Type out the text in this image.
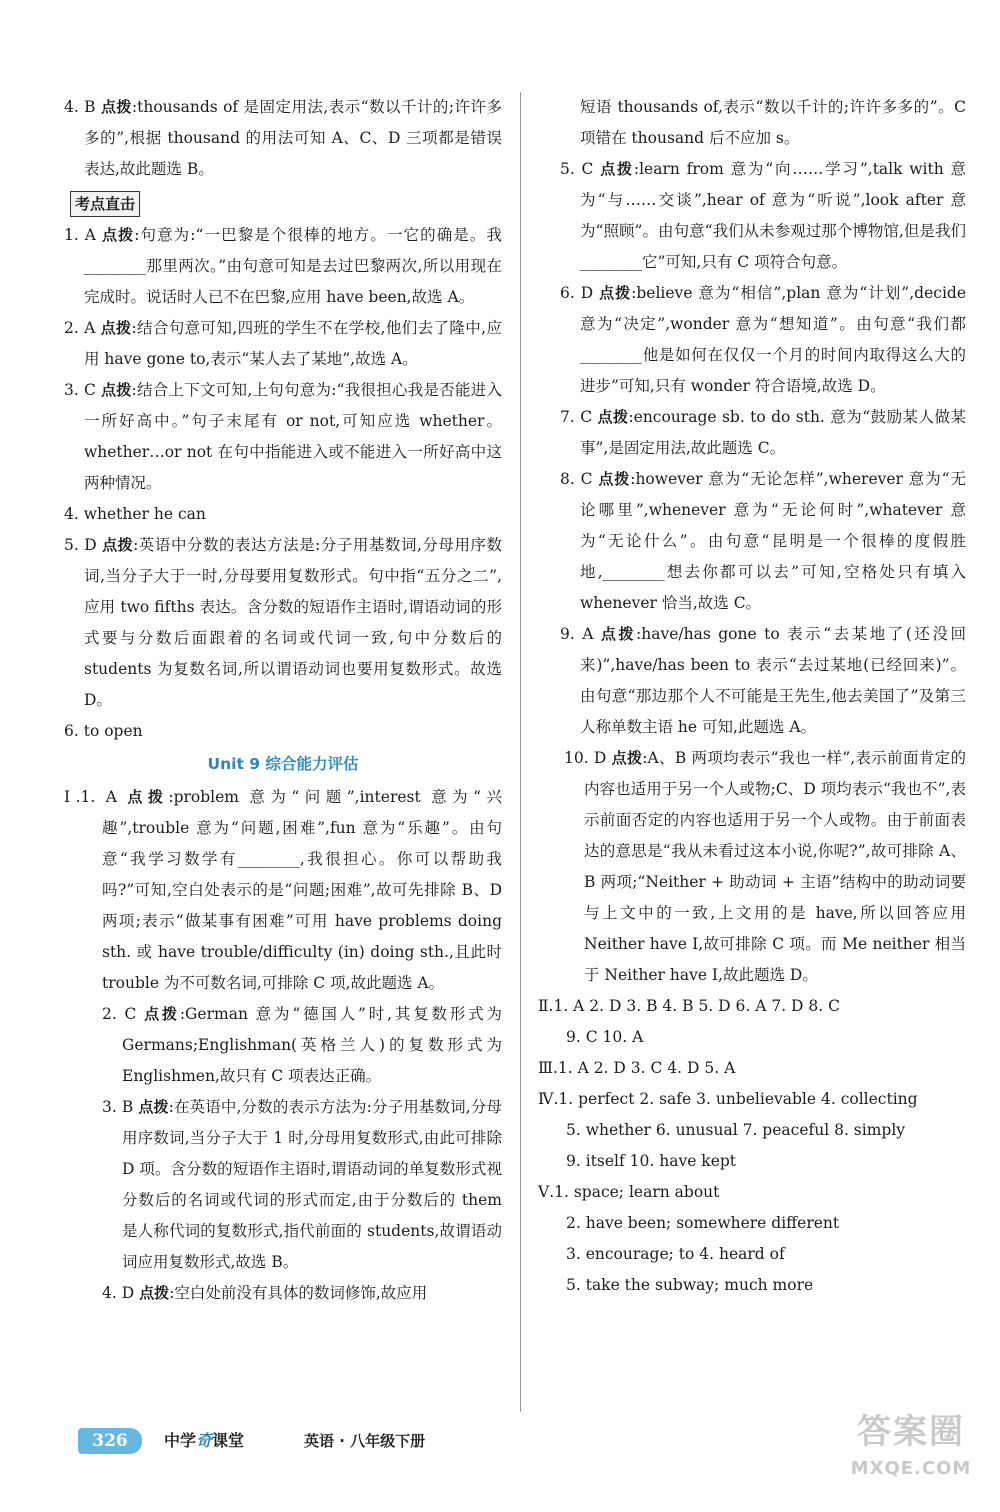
4. B 点拨:thousands of 是固定用法,表示“数以千计的;许许多多的”,根据 thousand 的用法可知 A、C、D 三项都是错误表达,故此题选 B。

考点直击

1. A 点拨:句意为:“一巴黎是个很棒的地方。一它的确是。我________那里两次。”由句意可知是去过巴黎两次,所以用现在完成时。说话时人已不在巴黎,应用 have been,故选 A。

2. A 点拨:结合句意可知,四班的学生不在学校,他们去了隆中,应用 have gone to,表示“某人去了某地”,故选 A。

3. C 点拨:结合上下文可知,上句句意为:“我很担心我是否能进入一所好高中。”句子末尾有 or not,可知应选 whether。whether…or not 在句中指能进入或不能进入一所好高中这两种情况。

4. whether he can

5. D 点拨:英语中分数的表达方法是:分子用基数词,分母用序数词,当分子大于一时,分母要用复数形式。句中指“五分之二”,应用 two fifths 表达。含分数的短语作主语时,谓语动词的形式要与分数后面跟着的名词或代词一致,句中分数后的 students 为复数名词,所以谓语动词也要用复数形式。故选 D。

6. to open

Unit 9 综合能力评估

Ⅰ.1. A 点拨:problem 意为“问题”,interest 意为“兴趣”,trouble 意为“问题,困难”,fun 意为“乐趣”。由句意“我学习数学有________,我很担心。你可以帮助我吗?”可知,空白处表示的是“问题;困难”,故可先排除 B、D 两项;表示“做某事有困难”可用 have problems doing sth. 或 have trouble/difficulty (in) doing sth.,且此时 trouble 为不可数名词,可排除 C 项,故此题选 A。

2. C 点拨:German 意为“德国人”时,其复数形式为 Germans;Englishman(英格兰人)的复数形式为 Englishmen,故只有 C 项表达正确。

3. B 点拨:在英语中,分数的表示方法为:分子用基数词,分母用序数词,当分子大于 1 时,分母用复数形式,由此可排除 D 项。含分数的短语作主语时,谓语动词的单复数形式视分数后的名词或代词的形式而定,由于分数后的 them 是人称代词的复数形式,指代前面的 students,故谓语动词应用复数形式,故选 B。

4. D 点拨:空白处前没有具体的数词修饰,故应用

短语 thousands of,表示“数以千计的;许许多多的”。C 项错在 thousand 后不应加 s。

5. C 点拨:learn from 意为“向……学习”,talk with 意为“与……交谈”,hear of 意为“听说”,look after 意为“照顾”。由句意“我们从未参观过那个博物馆,但是我们________它”可知,只有 C 项符合句意。

6. D 点拨:believe 意为“相信”,plan 意为“计划”,decide 意为“决定”,wonder 意为“想知道”。由句意“我们都________他是如何在仅仅一个月的时间内取得这么大的进步”可知,只有 wonder 符合语境,故选 D。

7. C 点拨:encourage sb. to do sth. 意为“鼓励某人做某事”,是固定用法,故此题选 C。

8. C 点拨:however 意为“无论怎样”,wherever 意为“无论哪里”,whenever 意为“无论何时”,whatever 意为“无论什么”。由句意“昆明是一个很棒的度假胜地,________想去你都可以去”可知,空格处只有填入 whenever 恰当,故选 C。

9. A 点拨:have/has gone to 表示“去某地了(还没回来)”,have/has been to 表示“去过某地(已经回来)”。由句意“那边那个人不可能是王先生,他去美国了”及第三人称单数主语 he 可知,此题选 A。

10. D 点拨:A、B 两项均表示“我也一样”,表示前面肯定的内容也适用于另一个人或物;C、D 项均表示“我也不”,表示前面否定的内容也适用于另一个人或物。由于前面表达的意思是“我从未看过这本小说,你呢?”,故可排除 A、B 两项;“Neither + 助动词 + 主语”结构中的助动词要与上文中的一致,上文用的是 have,所以回答应用 Neither have I,故可排除 C 项。而 Me neither 相当于 Neither have I,故此题选 D。

Ⅱ.1. A 2. D 3. B 4. B 5. D 6. A 7. D 8. C

9. C 10. A

Ⅲ.1. A 2. D 3. C 4. D 5. A

Ⅳ.1. perfect 2. safe 3. unbelievable 4. collecting

5. whether 6. unusual 7. peaceful 8. simply

9. itself 10. have kept

Ⅴ.1. space; learn about

2. have been; somewhere different

3. encourage; to 4. heard of

5. take the subway; much more

326	中学奇课堂	英语 · 八年级下册	答案圈
MXQE.COM
